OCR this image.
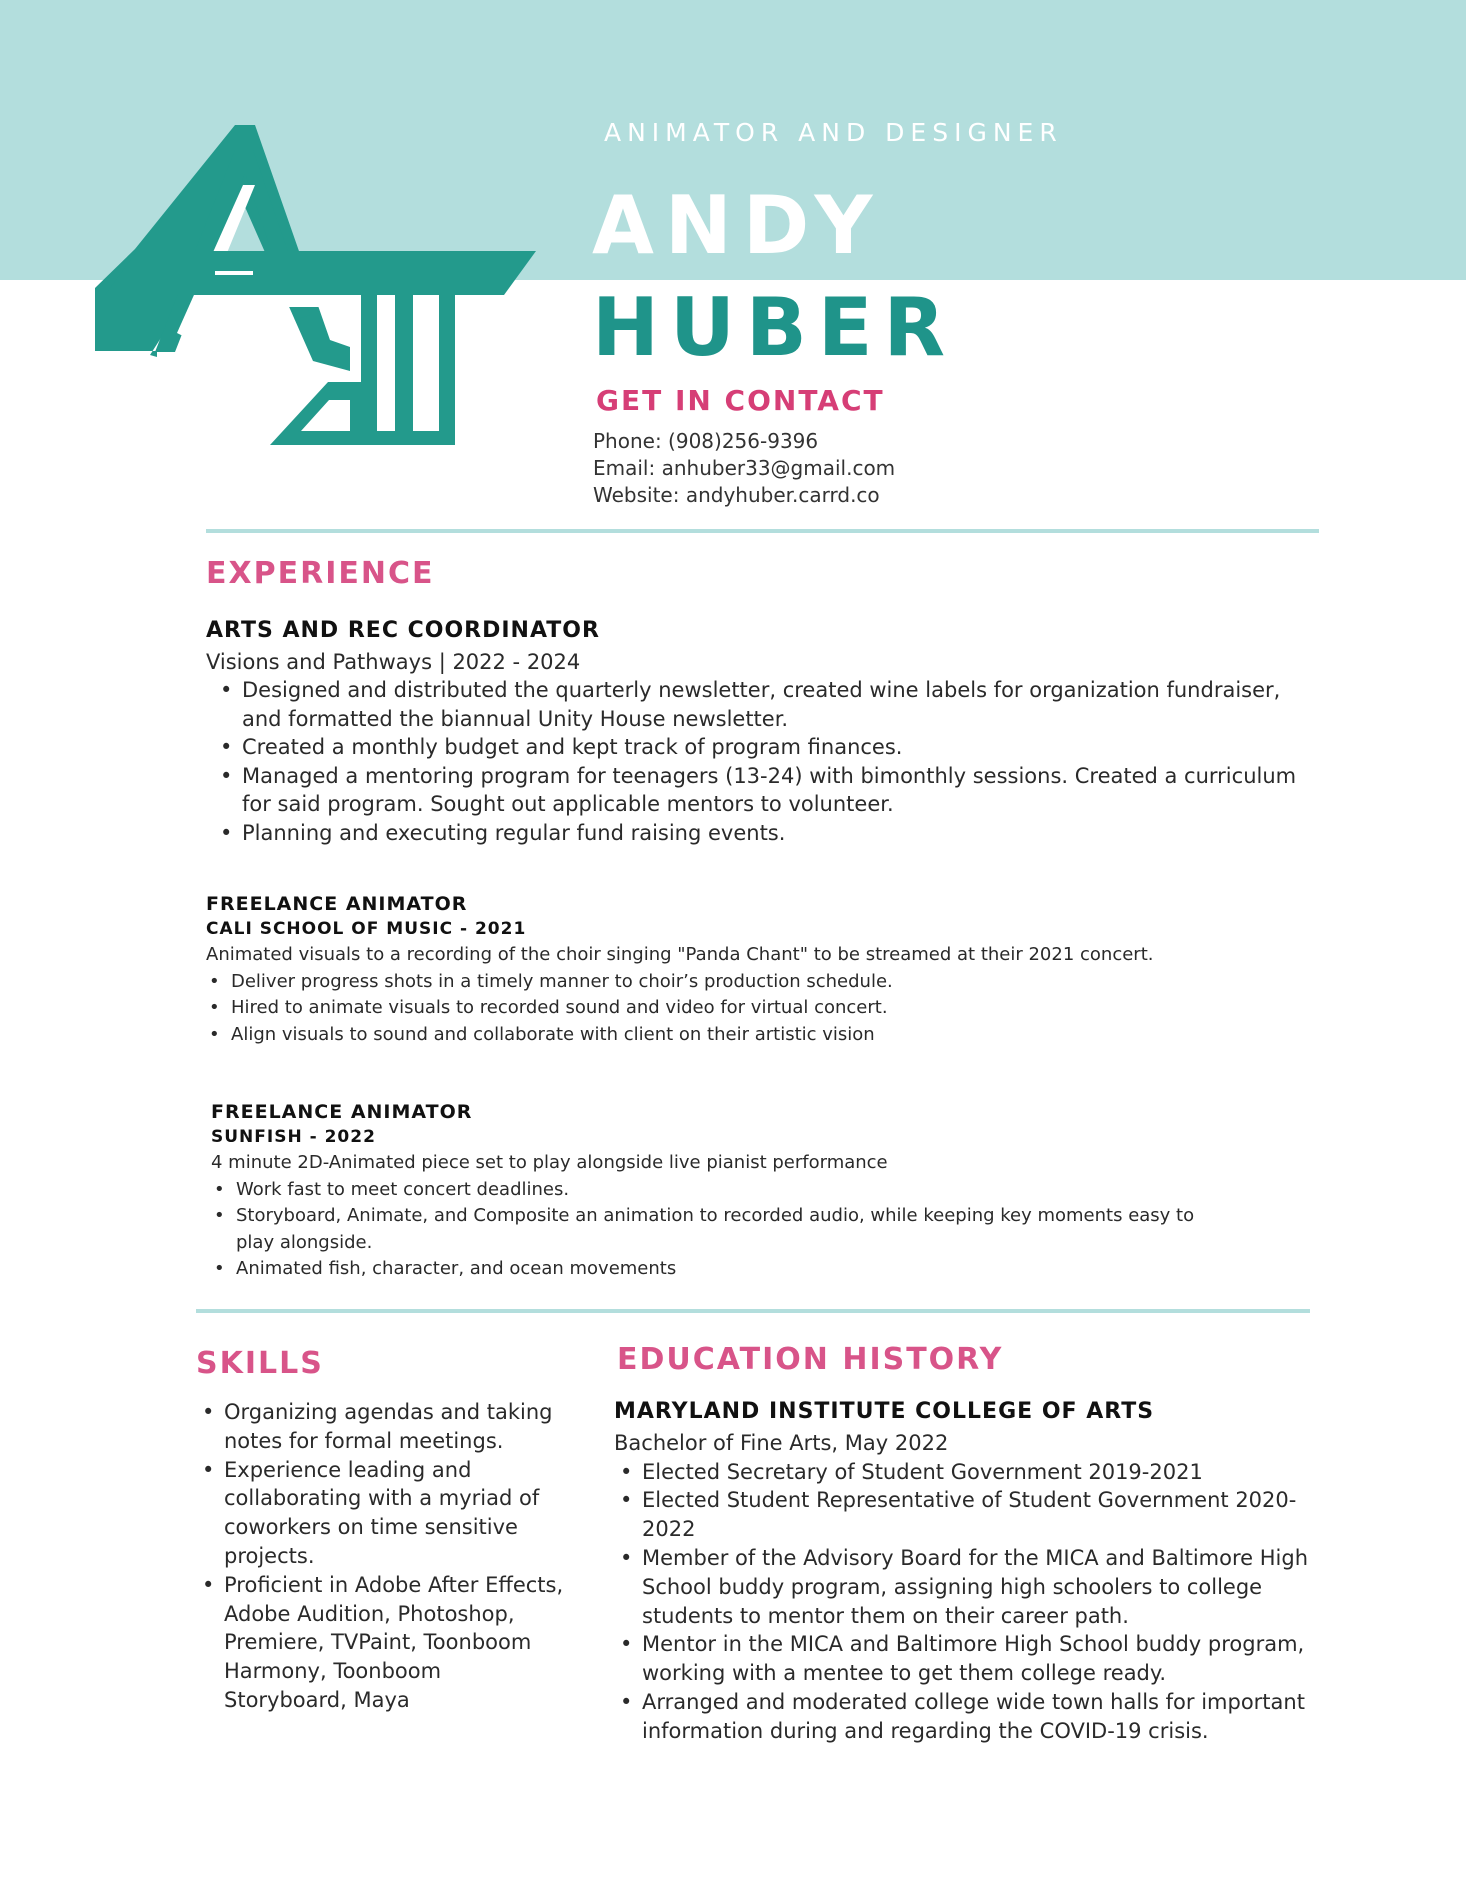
ANIMATOR AND DESIGNER
ANDY
HUBER
GET IN CONTACT
Phone: (908)256-9396
Email: anhuber33@gmail.com
Website: andyhuber.carrd.co
EXPERIENCE
ARTS AND REC COORDINATOR
Visions and Pathways | 2022 - 2024
• Designed and distributed the quarterly newsletter, created wine labels for organization fundraiser, and formatted the biannual Unity House newsletter.
• Created a monthly budget and kept track of program finances.
• Managed a mentoring program for teenagers (13-24) with bimonthly sessions. Created a curriculum for said program. Sought out applicable mentors to volunteer.
• Planning and executing regular fund raising events.
FREELANCE ANIMATOR
CALI SCHOOL OF MUSIC - 2021
Animated visuals to a recording of the choir singing "Panda Chant" to be streamed at their 2021 concert.
• Deliver progress shots in a timely manner to choir’s production schedule.
• Hired to animate visuals to recorded sound and video for virtual concert.
• Align visuals to sound and collaborate with client on their artistic vision
FREELANCE ANIMATOR
SUNFISH - 2022
4 minute 2D-Animated piece set to play alongside live pianist performance
• Work fast to meet concert deadlines.
• Storyboard, Animate, and Composite an animation to recorded audio, while keeping key moments easy to play alongside.
• Animated fish, character, and ocean movements
SKILLS
• Organizing agendas and taking notes for formal meetings.
• Experience leading and collaborating with a myriad of coworkers on time sensitive projects.
• Proficient in Adobe After Effects, Adobe Audition, Photoshop, Premiere, TVPaint, Toonboom Harmony, Toonboom Storyboard, Maya
EDUCATION HISTORY
MARYLAND INSTITUTE COLLEGE OF ARTS
Bachelor of Fine Arts, May 2022
• Elected Secretary of Student Government 2019-2021
• Elected Student Representative of Student Government 2020-2022
• Member of the Advisory Board for the MICA and Baltimore High School buddy program, assigning high schoolers to college students to mentor them on their career path.
• Mentor in the MICA and Baltimore High School buddy program, working with a mentee to get them college ready.
• Arranged and moderated college wide town halls for important information during and regarding the COVID-19 crisis.
